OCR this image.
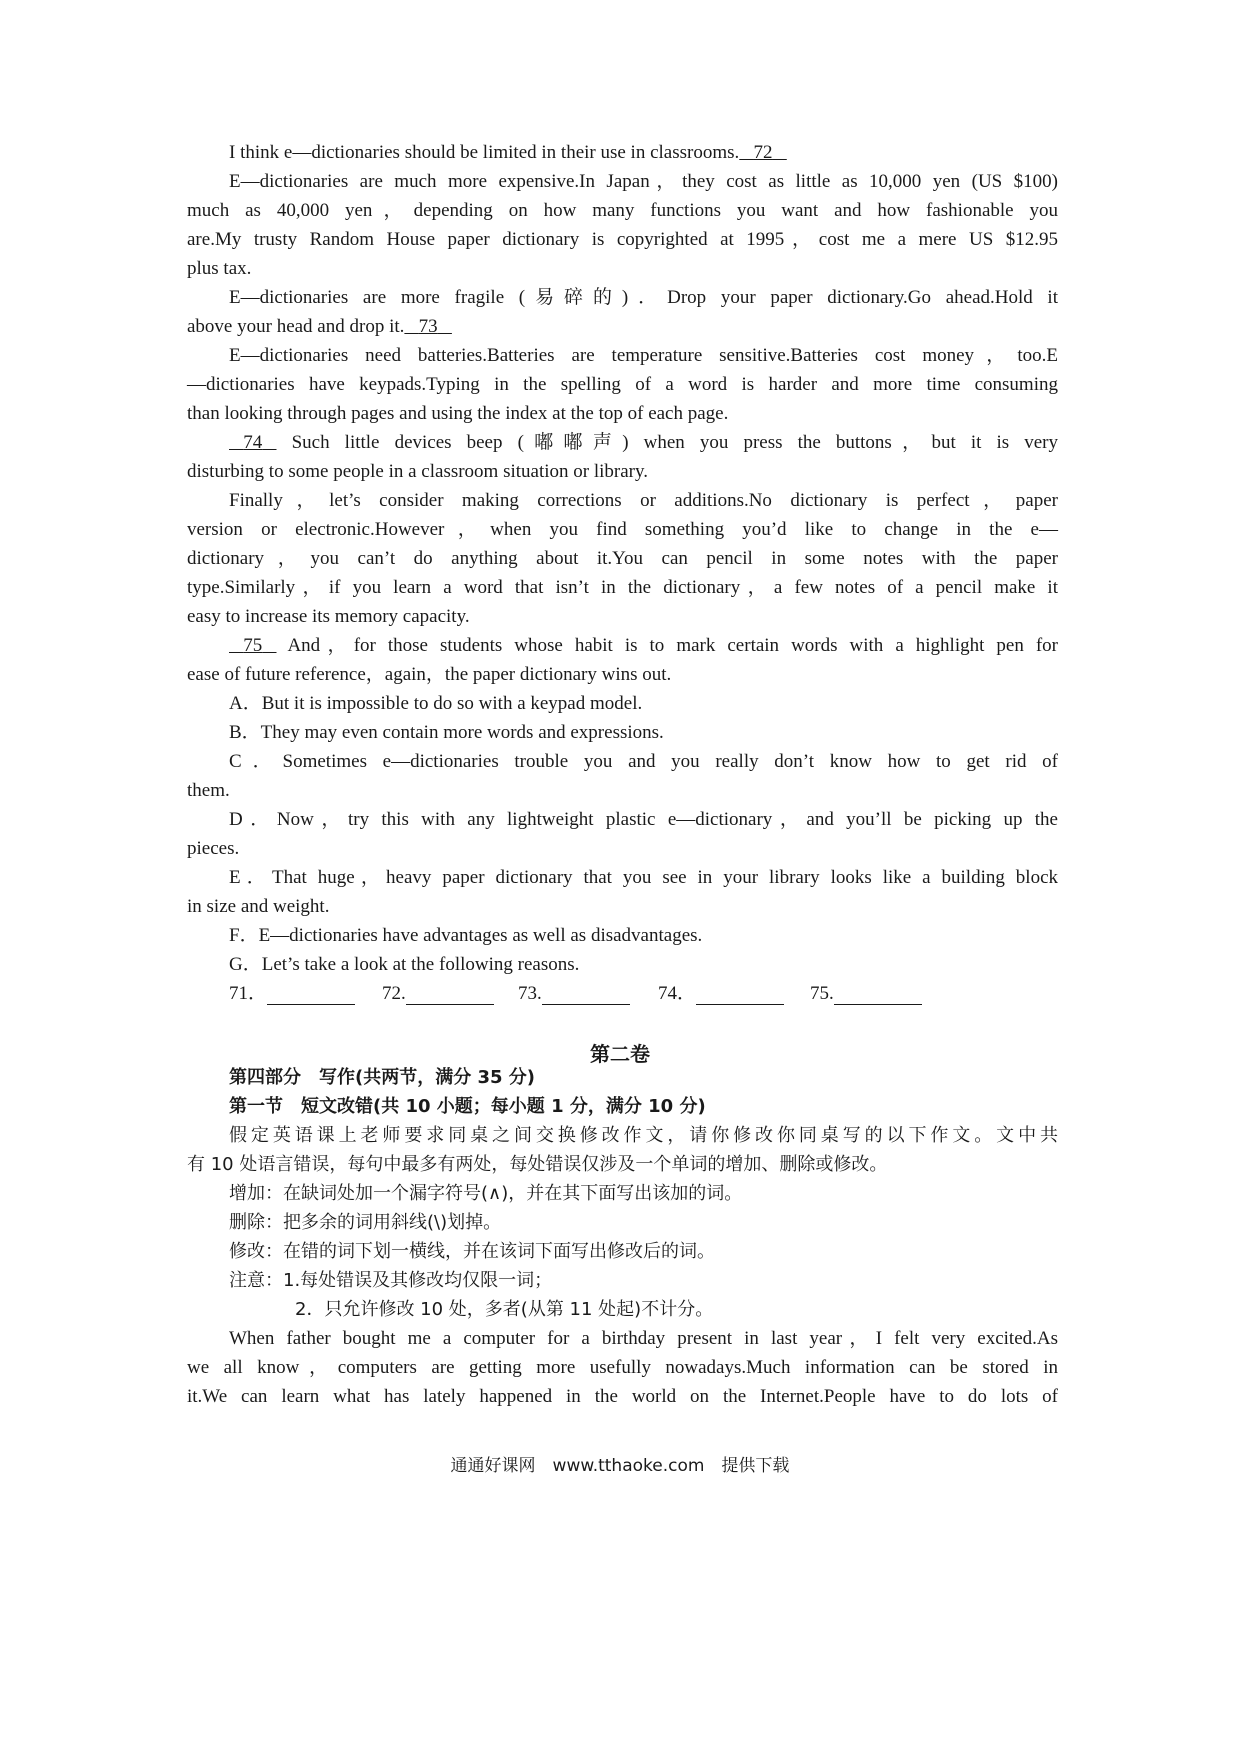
I think e—dictionaries should be limited in their use in classrooms. 72
E—dictionaries are much more expensive.In Japan，they cost as little as 10,000 yen (US $100)
much as 40,000 yen，depending on how many functions you want and how fashionable you
are.My trusty Random House paper dictionary is copyrighted at 1995，cost me a mere US $12.95
plus tax.
E—dictionaries are more fragile (易碎的)．Drop your paper dictionary.Go ahead.Hold it
above your head and drop it. 73
E—dictionaries need batteries.Batteries are temperature sensitive.Batteries cost money，too.E
—dictionaries have keypads.Typing in the spelling of a word is harder and more time consuming
than looking through pages and using the index at the top of each page.
74    Such little devices beep (嘟嘟声) when you press the buttons，but it is very
disturbing to some people in a classroom situation or library.
Finally，let’s consider making corrections or additions.No dictionary is perfect，paper
version or electronic.However，when you find something you’d like to change in the e—
dictionary，you can’t do anything about it.You can pencil in some notes with the paper
type.Similarly，if you learn a word that isn’t in the dictionary，a few notes of a pencil make it
easy to increase its memory capacity.
75    And，for those students whose habit is to mark certain words with a highlight pen for
ease of future reference，again，the paper dictionary wins out.
A．But it is impossible to do so with a keypad model.
B．They may even contain more words and expressions.
C．Sometimes e—dictionaries trouble you and you really don’t know how to get rid of
them.
D．Now，try this with any lightweight plastic e—dictionary，and you’ll be picking up the
pieces.
E．That huge，heavy paper dictionary that you see in your library looks like a building block
in size and weight.
F．E—dictionaries have advantages as well as disadvantages.
G．Let’s take a look at the following reasons.
71．	72.	73.	74．	75.
第二卷
第四部分　写作(共两节，满分 35 分)
第一节　短文改错(共 10 小题；每小题 1 分，满分 10 分)
假定英语课上老师要求同桌之间交换修改作文，请你修改你同桌写的以下作文。文中共
有 10 处语言错误，每句中最多有两处，每处错误仅涉及一个单词的增加、删除或修改。
增加：在缺词处加一个漏字符号(∧)，并在其下面写出该加的词。
删除：把多余的词用斜线(\)划掉。
修改：在错的词下划一横线，并在该词下面写出修改后的词。
注意：1.每处错误及其修改均仅限一词；
2．只允许修改 10 处，多者(从第 11 处起)不计分。
When father bought me a computer for a birthday present in last year，I felt very excited.As
we all know，computers are getting more usefully nowadays.Much information can be stored in
it.We can learn what has lately happened in the world on the Internet.People have to do lots of
通通好课网　www.tthaoke.com　提供下载
